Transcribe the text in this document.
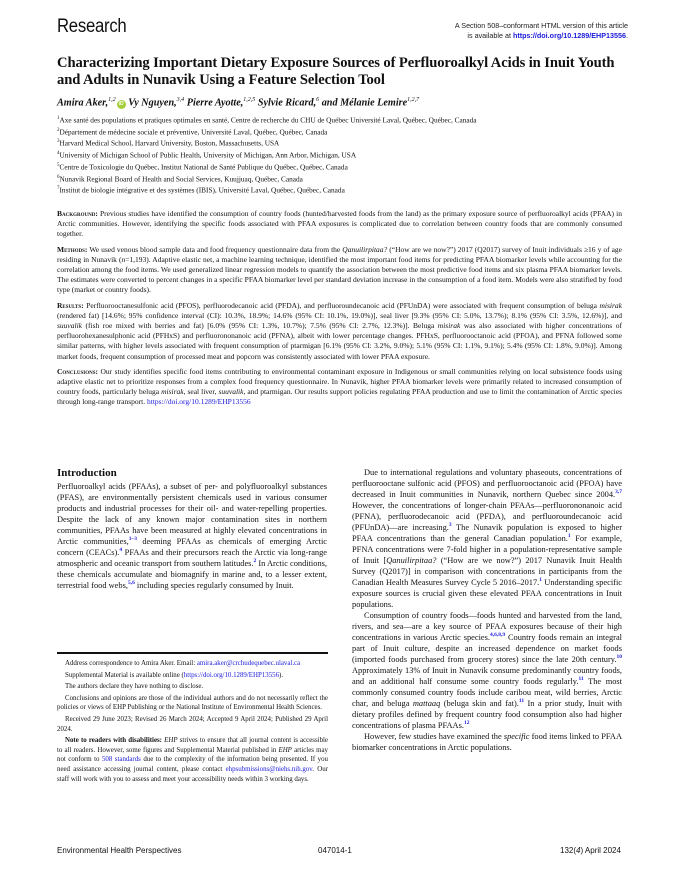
Research	A Section 508–conformant HTML version of this article
is available at https://doi.org/10.1289/EHP13556.
Characterizing Important Dietary Exposure Sources of Perfluoroalkyl Acids in Inuit Youth and Adults in Nunavik Using a Feature Selection Tool
Amira Aker,$^{1,2}$iD Vy Nguyen,$^{3,4}$ Pierre Ayotte,$^{1,2,5}$ Sylvie Ricard,$^6$ and Mélanie Lemire$^{1,2,7}$
$^1$Axe santé des populations et pratiques optimales en santé, Centre de recherche du CHU de Québec Université Laval, Québec, Québec, Canada
$^2$Département de médecine sociale et préventive, Université Laval, Québec, Québec, Canada
$^3$Harvard Medical School, Harvard University, Boston, Massachusetts, USA
$^4$University of Michigan School of Public Health, University of Michigan, Ann Arbor, Michigan, USA
$^5$Centre de Toxicologie du Québec, Institut National de Santé Publique du Québec, Québec, Canada
$^6$Nunavik Regional Board of Health and Social Services, Kuujjuaq, Québec, Canada
$^7$Institut de biologie intégrative et des systèmes (IBIS), Université Laval, Québec, Québec, Canada

Background: Previous studies have identified the consumption of country foods (hunted/harvested foods from the land) as the primary exposure source of perfluoroalkyl acids (PFAA) in Arctic communities. However, identifying the specific foods associated with PFAA exposures is complicated due to correlation between country foods that are commonly consumed together.

Methods: We used venous blood sample data and food frequency questionnaire data from the Qanuilirpitaa? (“How are we now?”) 2017 (Q2017) survey of Inuit individuals ≥16 y of age residing in Nunavik (n=1,193). Adaptive elastic net, a machine learning technique, identified the most important food items for predicting PFAA biomarker levels while accounting for the correlation among the food items. We used generalized linear regression models to quantify the association between the most predictive food items and six plasma PFAA biomarker levels. The estimates were converted to percent changes in a specific PFAA biomarker level per standard deviation increase in the consumption of a food item. Models were also stratified by food type (market or country foods).

Results: Perfluorooctanesulfonic acid (PFOS), perfluorodecanoic acid (PFDA), and perfluoroundecanoic acid (PFUnDA) were associated with frequent consumption of beluga misirak (rendered fat) [14.6%; 95% confidence interval (CI): 10.3%, 18.9%; 14.6% (95% CI: 10.1%, 19.0%)], seal liver [9.3% (95% CI: 5.0%, 13.7%); 8.1% (95% CI: 3.5%, 12.6%)], and suuvalik (fish roe mixed with berries and fat) [6.0% (95% CI: 1.3%, 10.7%); 7.5% (95% CI: 2.7%, 12.3%)]. Beluga misirak was also associated with higher concentrations of perfluorohexanesulphonic acid (PFHxS) and perfluorononanoic acid (PFNA), albeit with lower percentage changes. PFHxS, perfluorooctanoic acid (PFOA), and PFNA followed some similar patterns, with higher levels associated with frequent consumption of ptarmigan [6.1% (95% CI: 3.2%, 9.0%); 5.1% (95% CI: 1.1%, 9.1%); 5.4% (95% CI: 1.8%, 9.0%)]. Among market foods, frequent consumption of processed meat and popcorn was consistently associated with lower PFAA exposure.

Conclusions: Our study identifies specific food items contributing to environmental contaminant exposure in Indigenous or small communities relying on local subsistence foods using adaptive elastic net to prioritize responses from a complex food frequency questionnaire. In Nunavik, higher PFAA biomarker levels were primarily related to increased consumption of country foods, particularly beluga misirak, seal liver, suuvalik, and ptarmigan. Our results support policies regulating PFAA production and use to limit the contamination of Arctic species through long-range transport. https://doi.org/10.1289/EHP13556

Introduction

Perfluoroalkyl acids (PFAAs), a subset of per- and polyfluoroalkyl substances (PFAS), are environmentally persistent chemicals used in various consumer products and industrial processes for their oil- and water-repelling properties. Despite the lack of any known major contamination sites in northern communities, PFAAs have been measured at highly elevated concentrations in Arctic communities,$^{1-3}$ deeming PFAAs as chemicals of emerging Arctic concern (CEACs).$^4$ PFAAs and their precursors reach the Arctic via long-range atmospheric and oceanic transport from southern latitudes.$^2$ In Arctic conditions, these chemicals accumulate and biomagnify in marine and, to a lesser extent, terrestrial food webs,$^{5,6}$ including species regularly consumed by Inuit.

Address correspondence to Amira Aker. Email: amira.aker@crchudequebec.ulaval.ca

Supplemental Material is available online (https://doi.org/10.1289/EHP13556).

The authors declare they have nothing to disclose.

Conclusions and opinions are those of the individual authors and do not necessarily reflect the policies or views of EHP Publishing or the National Institute of Environmental Health Sciences.

Received 29 June 2023; Revised 26 March 2024; Accepted 9 April 2024; Published 29 April 2024.

Note to readers with disabilities: EHP strives to ensure that all journal content is accessible to all readers. However, some figures and Supplemental Material published in EHP articles may not conform to 508 standards due to the complexity of the information being presented. If you need assistance accessing journal content, please contact ehpsubmissions@niehs.nih.gov. Our staff will work with you to assess and meet your accessibility needs within 3 working days.

Due to international regulations and voluntary phaseouts, concentrations of perfluorooctane sulfonic acid (PFOS) and perfluorooctanoic acid (PFOA) have decreased in Inuit communities in Nunavik, northern Quebec since 2004.$^{3,7}$ However, the concentrations of longer-chain PFAAs—perfluorononanoic acid (PFNA), perfluorodecanoic acid (PFDA), and perfluoroundecanoic acid (PFUnDA)—are increasing.$^3$ The Nunavik population is exposed to higher PFAA concentrations than the general Canadian population.$^1$ For example, PFNA concentrations were 7-fold higher in a population-representative sample of Inuit [Qanuilirpitaa? (“How are we now?”) 2017 Nunavik Inuit Health Survey (Q2017)] in comparison with concentrations in participants from the Canadian Health Measures Survey Cycle 5 2016–2017.$^1$ Understanding specific exposure sources is crucial given these elevated PFAA concentrations in Inuit populations.

Consumption of country foods—foods hunted and harvested from the land, rivers, and sea—are a key source of PFAA exposures because of their high concentrations in various Arctic species.$^{4,6,8,9}$ Country foods remain an integral part of Inuit culture, despite an increased dependence on market foods (imported foods purchased from grocery stores) since the late 20th century.$^{10}$ Approximately 13% of Inuit in Nunavik consume predominantly country foods, and an additional half consume some country foods regularly.$^{11}$ The most commonly consumed country foods include caribou meat, wild berries, Arctic char, and beluga mattaaq (beluga skin and fat).$^{11}$ In a prior study, Inuit with dietary profiles defined by frequent country food consumption also had higher concentrations of plasma PFAAs.$^{12}$

However, few studies have examined the specific food items linked to PFAA biomarker concentrations in Arctic populations.

Environmental Health Perspectives	047014-1	132(4) April 2024
